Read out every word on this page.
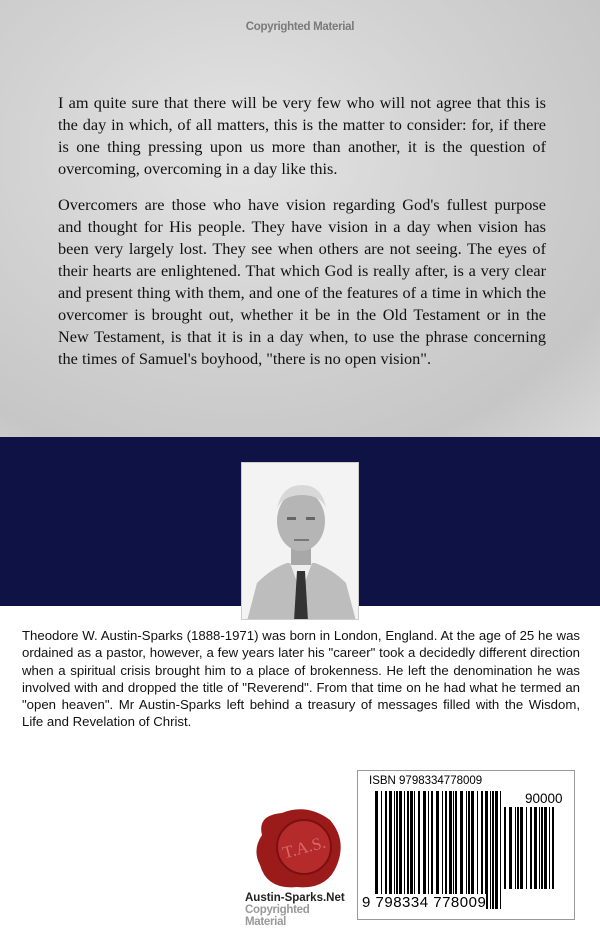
Copyrighted Material

I am quite sure that there will be very few who will not agree that this is the day in which, of all matters, this is the matter to consider: for, if there is one thing pressing upon us more than another, it is the question of overcoming, overcoming in a day like this.

Overcomers are those who have vision regarding God's fullest purpose and thought for His people. They have vision in a day when vision has been very largely lost. They see when others are not seeing. The eyes of their hearts are enlightened. That which God is really after, is a very clear and present thing with them, and one of the features of a time in which the overcomer is brought out, whether it be in the Old Testament or in the New Testament, is that it is in a day when, to use the phrase concerning the times of Samuel's boyhood, "there is no open vision".

Theodore W. Austin-Sparks (1888-1971) was born in London, England. At the age of 25 he was ordained as a pastor, however, a few years later his "career" took a decidedly different direction when a spiritual crisis brought him to a place of brokenness. He left the denomination he was involved with and dropped the title of "Reverend". From that time on he had what he termed an "open heaven". Mr Austin-Sparks left behind a treasury of messages filled with the Wisdom, Life and Revelation of Christ.
T.A.S.
Austin-Sparks.Net
Copyrighted Material
ISBN 9798334778009
90000
9 798334 778009
